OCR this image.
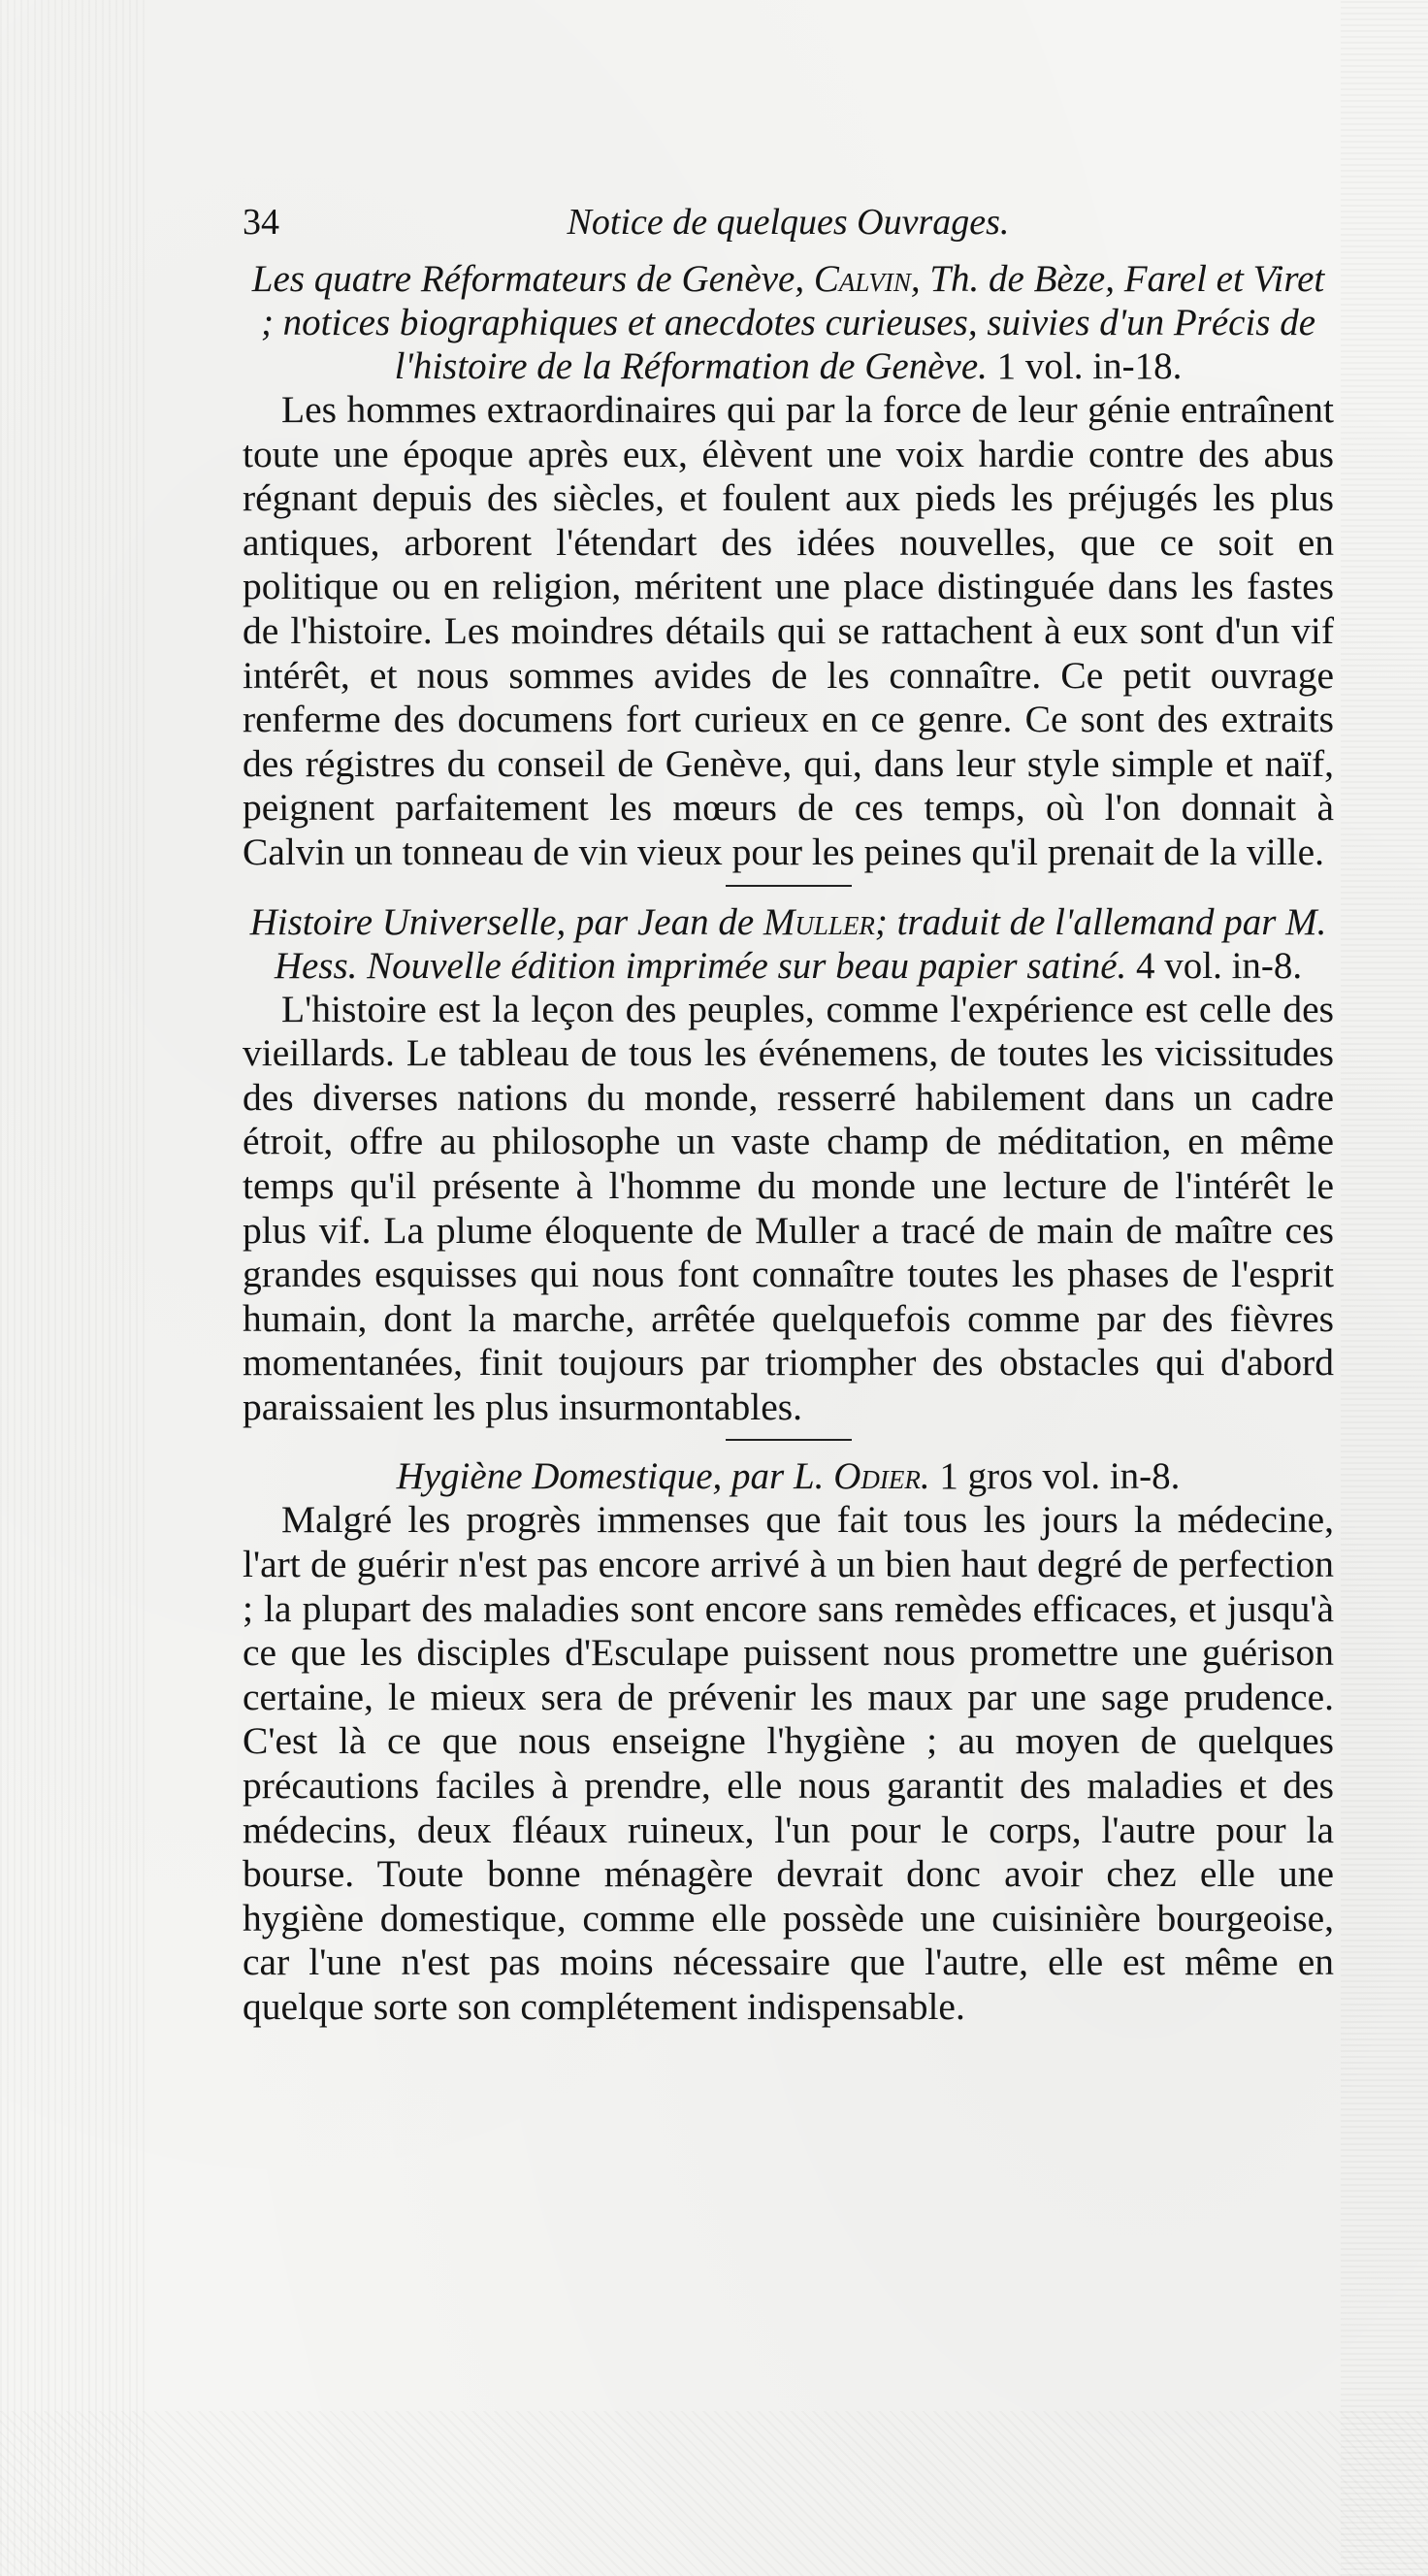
34	Notice de quelques Ouvrages.

Les quatre Réformateurs de Genève, Calvin, Th. de Bèze, Farel et Viret ; notices biographiques et anecdotes curieuses, suivies d'un Précis de l'histoire de la Réformation de Genève. 1 vol. in-18.

Les hommes extraordinaires qui par la force de leur génie entraînent toute une époque après eux, élèvent une voix hardie contre des abus régnant depuis des siècles, et foulent aux pieds les préjugés les plus antiques, arborent l'étendart des idées nouvelles, que ce soit en politique ou en religion, méritent une place distinguée dans les fastes de l'histoire. Les moindres détails qui se rattachent à eux sont d'un vif intérêt, et nous sommes avides de les connaître. Ce petit ouvrage renferme des documens fort curieux en ce genre. Ce sont des extraits des régistres du conseil de Genève, qui, dans leur style simple et naïf, peignent parfaitement les mœurs de ces temps, où l'on donnait à Calvin un tonneau de vin vieux pour les peines qu'il prenait de la ville.

Histoire Universelle, par Jean de Muller; traduit de l'allemand par M. Hess. Nouvelle édition imprimée sur beau papier satiné. 4 vol. in-8.

L'histoire est la leçon des peuples, comme l'expérience est celle des vieillards. Le tableau de tous les événemens, de toutes les vicissitudes des diverses nations du monde, resserré habilement dans un cadre étroit, offre au philosophe un vaste champ de méditation, en même temps qu'il présente à l'homme du monde une lecture de l'intérêt le plus vif. La plume éloquente de Muller a tracé de main de maître ces grandes esquisses qui nous font connaître toutes les phases de l'esprit humain, dont la marche, arrêtée quelquefois comme par des fièvres momentanées, finit toujours par triompher des obstacles qui d'abord paraissaient les plus insurmontables.

Hygiène Domestique, par L. Odier. 1 gros vol. in-8.

Malgré les progrès immenses que fait tous les jours la médecine, l'art de guérir n'est pas encore arrivé à un bien haut degré de perfection ; la plupart des maladies sont encore sans remèdes efficaces, et jusqu'à ce que les disciples d'Esculape puissent nous promettre une guérison certaine, le mieux sera de prévenir les maux par une sage prudence. C'est là ce que nous enseigne l'hygiène ; au moyen de quelques précautions faciles à prendre, elle nous garantit des maladies et des médecins, deux fléaux ruineux, l'un pour le corps, l'autre pour la bourse. Toute bonne ménagère devrait donc avoir chez elle une hygiène domestique, comme elle possède une cuisinière bourgeoise, car l'une n'est pas moins nécessaire que l'autre, elle est même en quelque sorte son complétement indispensable.
